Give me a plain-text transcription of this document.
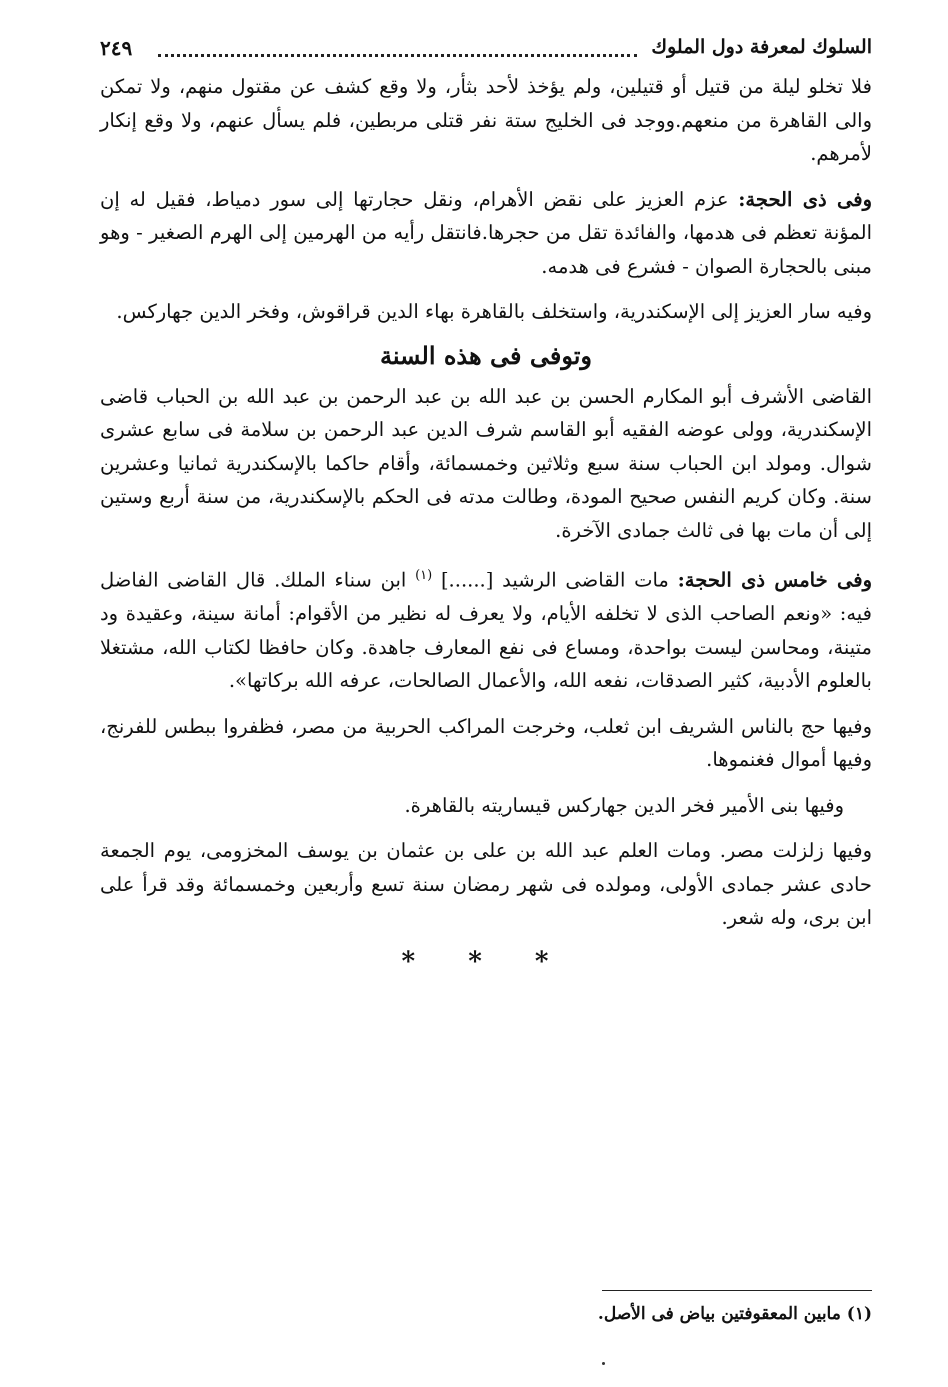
السلوك لمعرفة دول الملوك
٢٤٩

فلا تخلو ليلة من قتيل أو قتيلين، ولم يؤخذ لأحد بثأر، ولا وقع كشف عن مقتول منهم، ولا تمكن والى القاهرة من منعهم.ووجد فى الخليج ستة نفر قتلى مربطين، فلم يسأل عنهم، ولا وقع إنكار لأمرهم.

وفى ذى الحجة: عزم العزيز على نقض الأهرام، ونقل حجارتها إلى سور دمياط، فقيل له إن المؤنة تعظم فى هدمها، والفائدة تقل من حجرها.فانتقل رأيه من الهرمين إلى الهرم الصغير - وهو مبنى بالحجارة الصوان - فشرع فى هدمه.

وفيه سار العزيز إلى الإسكندرية، واستخلف بالقاهرة بهاء الدين قراقوش، وفخر الدين جهاركس.

وتوفى فى هذه السنة

القاضى الأشرف أبو المكارم الحسن بن عبد الله بن عبد الرحمن بن عبد الله بن الحباب قاضى الإسكندرية، وولى عوضه الفقيه أبو القاسم شرف الدين عبد الرحمن بن سلامة فى سابع عشرى شوال. ومولد ابن الحباب سنة سبع وثلاثين وخمسمائة، وأقام حاكما بالإسكندرية ثمانيا وعشرين سنة. وكان كريم النفس صحيح المودة، وطالت مدته فى الحكم بالإسكندرية، من سنة أربع وستين إلى أن مات بها فى ثالث جمادى الآخرة.

وفى خامس ذى الحجة: مات القاضى الرشيد [......] $^{(١)}$ ابن سناء الملك. قال القاضى الفاضل فيه: «ونعم الصاحب الذى لا تخلفه الأيام، ولا يعرف له نظير من الأقوام: أمانة سينة، وعقيدة ود متينة، ومحاسن ليست بواحدة، ومساع فى نفع المعارف جاهدة. وكان حافظا لكتاب الله، مشتغلا بالعلوم الأدبية، كثير الصدقات، نفعه الله، والأعمال الصالحات، عرفه الله بركاتها».

وفيها حج بالناس الشريف ابن ثعلب، وخرجت المراكب الحربية من مصر، فظفروا ببطس للفرنج، وفيها أموال فغنموها.

وفيها بنى الأمير فخر الدين جهاركس قيساريته بالقاهرة.

وفيها زلزلت مصر. ومات العلم عبد الله بن على بن عثمان بن يوسف المخزومى، يوم الجمعة حادى عشر جمادى الأولى، ومولده فى شهر رمضان سنة تسع وأربعين وخمسمائة وقد قرأ على ابن برى، وله شعر.

* * *
(١) مابين المعقوفتين بياض فى الأصل.
